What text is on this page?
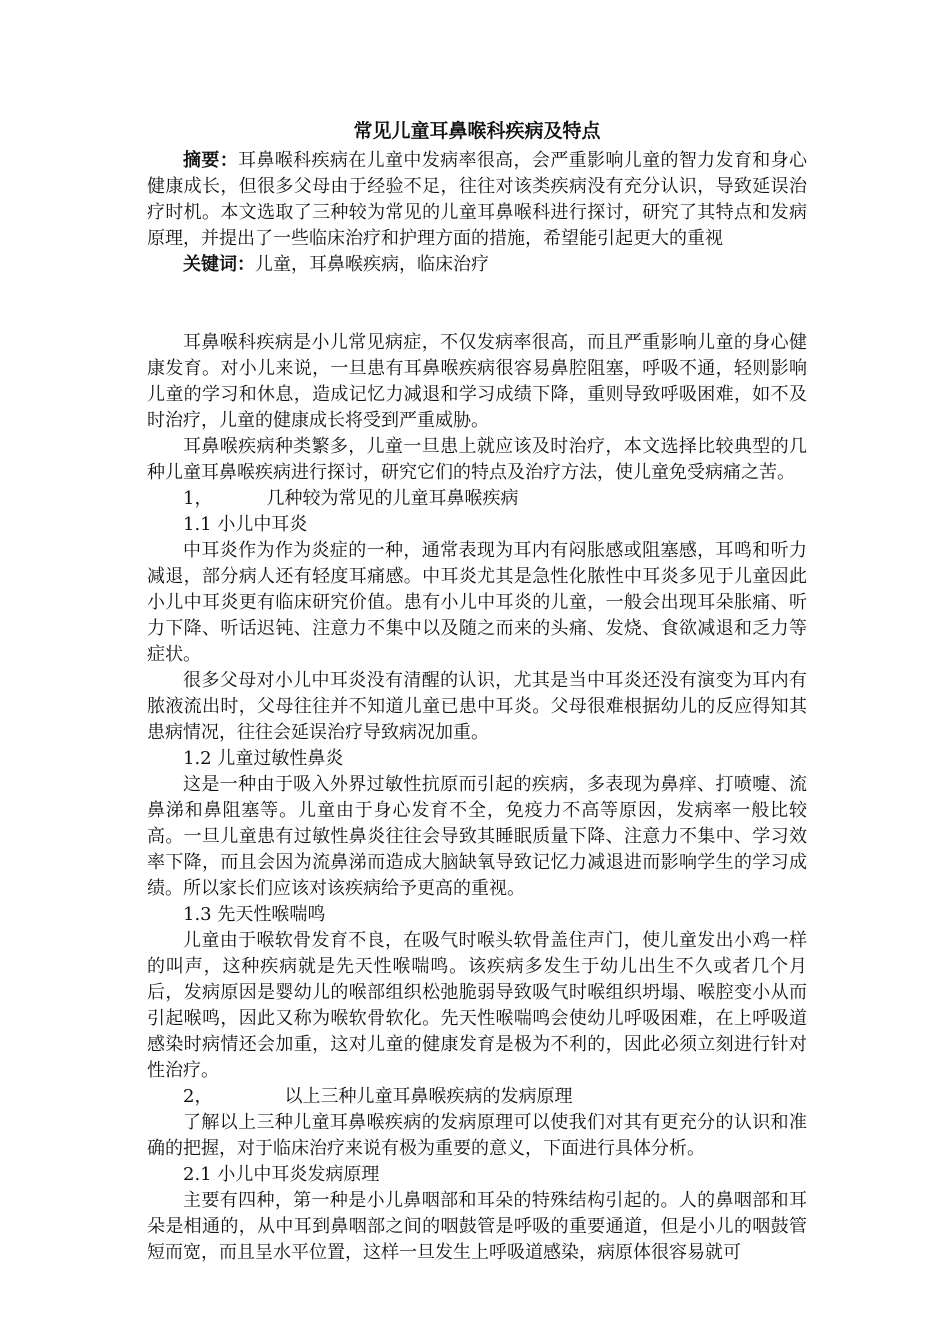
常见儿童耳鼻喉科疾病及特点

摘要：耳鼻喉科疾病在儿童中发病率很高，会严重影响儿童的智力发育和身心健康成长，但很多父母由于经验不足，往往对该类疾病没有充分认识，导致延误治疗时机。本文选取了三种较为常见的儿童耳鼻喉科进行探讨，研究了其特点和发病原理，并提出了一些临床治疗和护理方面的措施，希望能引起更大的重视

关键词：儿童，耳鼻喉疾病，临床治疗

耳鼻喉科疾病是小儿常见病症，不仅发病率很高，而且严重影响儿童的身心健康发育。对小儿来说，一旦患有耳鼻喉疾病很容易鼻腔阻塞，呼吸不通，轻则影响儿童的学习和休息，造成记忆力减退和学习成绩下降，重则导致呼吸困难，如不及时治疗，儿童的健康成长将受到严重威胁。

耳鼻喉疾病种类繁多，儿童一旦患上就应该及时治疗，本文选择比较典型的几种儿童耳鼻喉疾病进行探讨，研究它们的特点及治疗方法，使儿童免受病痛之苦。

1，	几种较为常见的儿童耳鼻喉疾病

1.1 小儿中耳炎

中耳炎作为作为炎症的一种，通常表现为耳内有闷胀感或阻塞感，耳鸣和听力减退，部分病人还有轻度耳痛感。中耳炎尤其是急性化脓性中耳炎多见于儿童因此小儿中耳炎更有临床研究价值。患有小儿中耳炎的儿童，一般会出现耳朵胀痛、听力下降、听话迟钝、注意力不集中以及随之而来的头痛、发烧、食欲减退和乏力等症状。

很多父母对小儿中耳炎没有清醒的认识，尤其是当中耳炎还没有演变为耳内有脓液流出时，父母往往并不知道儿童已患中耳炎。父母很难根据幼儿的反应得知其患病情况，往往会延误治疗导致病况加重。

1.2 儿童过敏性鼻炎

这是一种由于吸入外界过敏性抗原而引起的疾病，多表现为鼻痒、打喷嚏、流鼻涕和鼻阻塞等。儿童由于身心发育不全，免疫力不高等原因，发病率一般比较高。一旦儿童患有过敏性鼻炎往往会导致其睡眠质量下降、注意力不集中、学习效率下降，而且会因为流鼻涕而造成大脑缺氧导致记忆力减退进而影响学生的学习成绩。所以家长们应该对该疾病给予更高的重视。

1.3 先天性喉喘鸣

儿童由于喉软骨发育不良，在吸气时喉头软骨盖住声门，使儿童发出小鸡一样的叫声，这种疾病就是先天性喉喘鸣。该疾病多发生于幼儿出生不久或者几个月后，发病原因是婴幼儿的喉部组织松弛脆弱导致吸气时喉组织坍塌、喉腔变小从而引起喉鸣，因此又称为喉软骨软化。先天性喉喘鸣会使幼儿呼吸困难，在上呼吸道感染时病情还会加重，这对儿童的健康发育是极为不利的，因此必须立刻进行针对性治疗。

2，	以上三种儿童耳鼻喉疾病的发病原理

了解以上三种儿童耳鼻喉疾病的发病原理可以使我们对其有更充分的认识和准确的把握，对于临床治疗来说有极为重要的意义，下面进行具体分析。

2.1 小儿中耳炎发病原理

主要有四种，第一种是小儿鼻咽部和耳朵的特殊结构引起的。人的鼻咽部和耳朵是相通的，从中耳到鼻咽部之间的咽鼓管是呼吸的重要通道，但是小儿的咽鼓管短而宽，而且呈水平位置，这样一旦发生上呼吸道感染，病原体很容易就可
